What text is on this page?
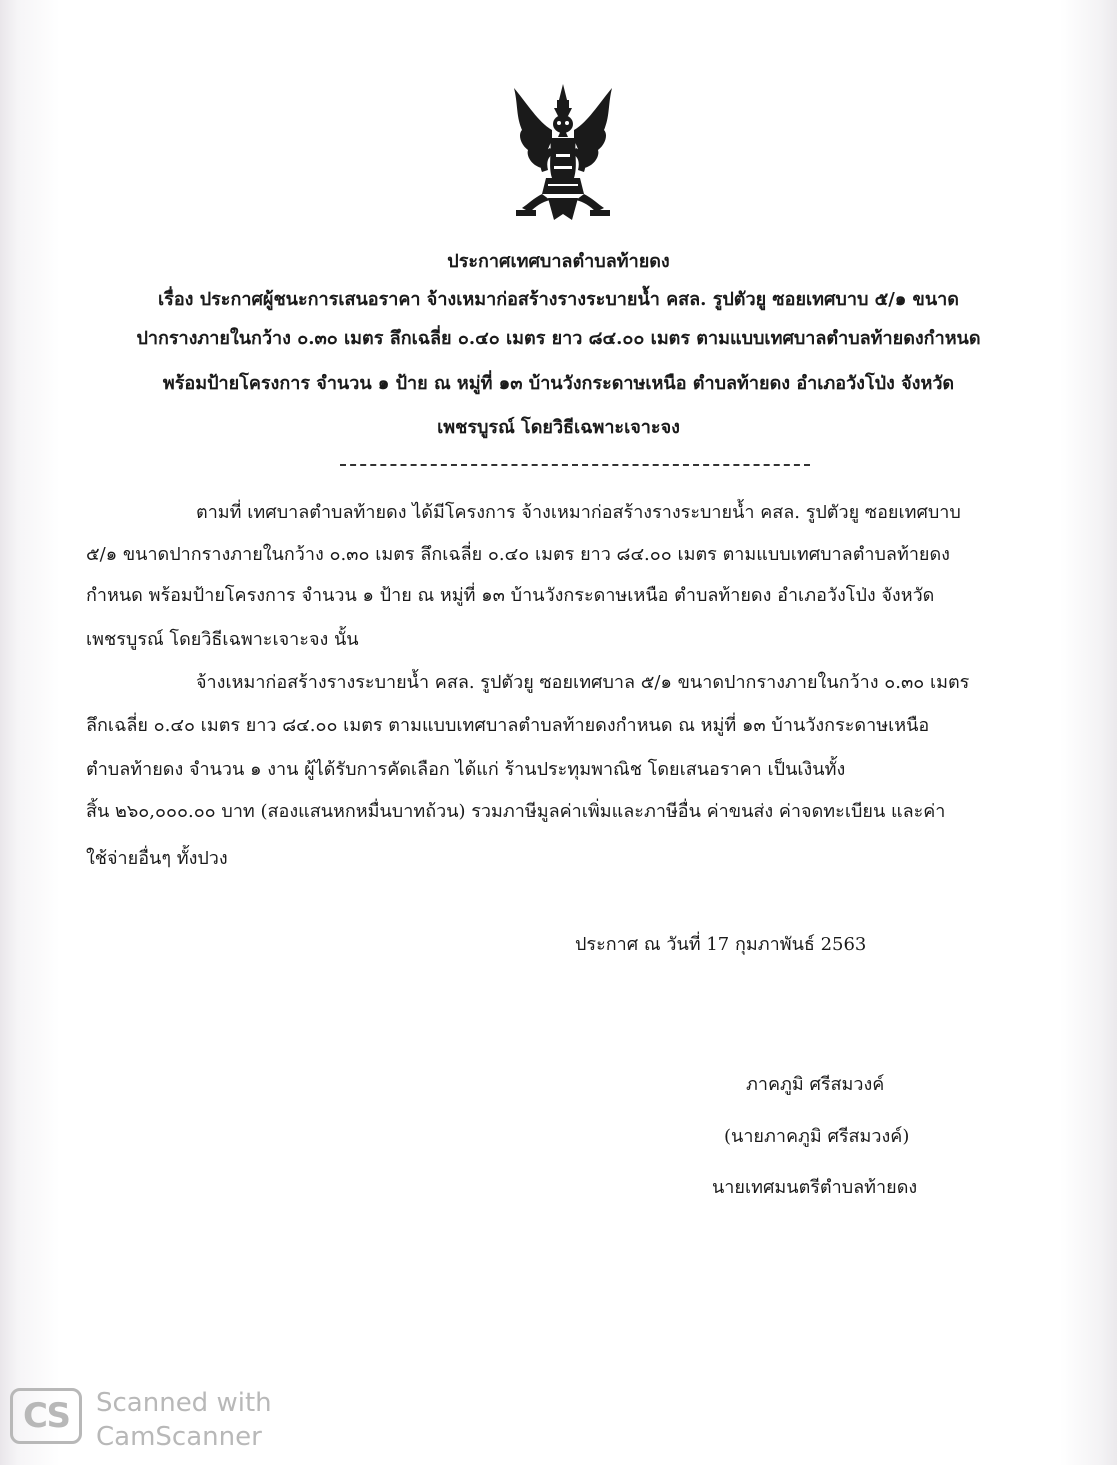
ประกาศเทศบาลตำบลท้ายดง
เรื่อง ประกาศผู้ชนะการเสนอราคา จ้างเหมาก่อสร้างรางระบายน้ำ คสล. รูปตัวยู ซอยเทศบาบ ๕/๑ ขนาด
ปากรางภายในกว้าง ๐.๓๐ เมตร ลึกเฉลี่ย ๐.๔๐ เมตร ยาว ๘๔.๐๐ เมตร ตามแบบเทศบาลตำบลท้ายดงกำหนด
พร้อมป้ายโครงการ จำนวน ๑ ป้าย ณ หมู่ที่ ๑๓ บ้านวังกระดาษเหนือ ตำบลท้ายดง อำเภอวังโป่ง จังหวัด
เพชรบูรณ์ โดยวิธีเฉพาะเจาะจง
ตามที่ เทศบาลตำบลท้ายดง ได้มีโครงการ จ้างเหมาก่อสร้างรางระบายน้ำ คสล. รูปตัวยู ซอยเทศบาบ
๕/๑ ขนาดปากรางภายในกว้าง ๐.๓๐ เมตร ลึกเฉลี่ย ๐.๔๐ เมตร ยาว ๘๔.๐๐ เมตร ตามแบบเทศบาลตำบลท้ายดง
กำหนด พร้อมป้ายโครงการ จำนวน ๑ ป้าย ณ หมู่ที่ ๑๓ บ้านวังกระดาษเหนือ ตำบลท้ายดง อำเภอวังโป่ง จังหวัด
เพชรบูรณ์ โดยวิธีเฉพาะเจาะจง นั้น
จ้างเหมาก่อสร้างรางระบายน้ำ คสล. รูปตัวยู ซอยเทศบาล ๕/๑ ขนาดปากรางภายในกว้าง ๐.๓๐ เมตร
ลึกเฉลี่ย ๐.๔๐ เมตร ยาว ๘๔.๐๐ เมตร ตามแบบเทศบาลตำบลท้ายดงกำหนด ณ หมู่ที่ ๑๓ บ้านวังกระดาษเหนือ
ตำบลท้ายดง จำนวน ๑ งาน ผู้ได้รับการคัดเลือก ได้แก่ ร้านประทุมพาณิช โดยเสนอราคา เป็นเงินทั้ง
สิ้น ๒๖๐,๐๐๐.๐๐ บาท (สองแสนหกหมื่นบาทถ้วน) รวมภาษีมูลค่าเพิ่มและภาษีอื่น ค่าขนส่ง ค่าจดทะเบียน และค่า
ใช้จ่ายอื่นๆ ทั้งปวง
ประกาศ ณ วันที่ 17 กุมภาพันธ์ 2563
ภาคภูมิ ศรีสมวงค์
(นายภาคภูมิ ศรีสมวงค์)
นายเทศมนตรีตำบลท้ายดง
CS	Scanned with
CamScanner
